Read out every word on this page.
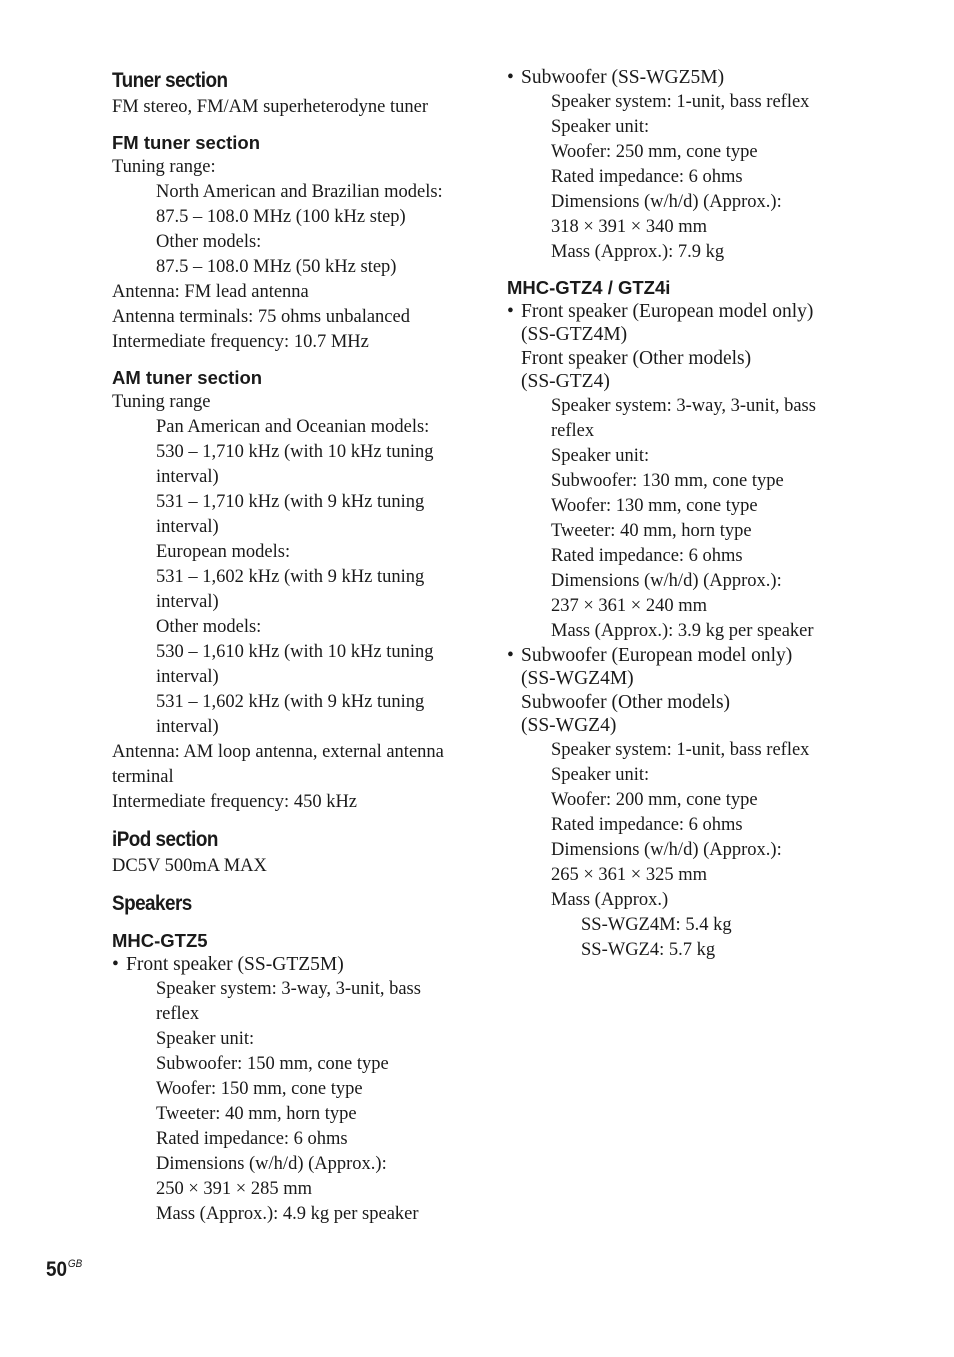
Tuner section
FM stereo, FM/AM superheterodyne tuner
FM tuner section
Tuning range:
North American and Brazilian models:
87.5 – 108.0 MHz (100 kHz step)
Other models:
87.5 – 108.0 MHz (50 kHz step)
Antenna: FM lead antenna
Antenna terminals: 75 ohms unbalanced
Intermediate frequency: 10.7 MHz
AM tuner section
Tuning range
Pan American and Oceanian models:
530 – 1,710 kHz (with 10 kHz tuning
interval)
531 – 1,710 kHz (with 9 kHz tuning
interval)
European models:
531 – 1,602 kHz (with 9 kHz tuning
interval)
Other models:
530 – 1,610 kHz (with 10 kHz tuning
interval)
531 – 1,602 kHz (with 9 kHz tuning
interval)
Antenna: AM loop antenna, external antenna
terminal
Intermediate frequency: 450 kHz
iPod section
DC5V 500mA MAX
Speakers
MHC-GTZ5
• Front speaker (SS-GTZ5M)
Speaker system: 3-way, 3-unit, bass
reflex
Speaker unit:
Subwoofer: 150 mm, cone type
Woofer: 150 mm, cone type
Tweeter: 40 mm, horn type
Rated impedance: 6 ohms
Dimensions (w/h/d) (Approx.):
250 × 391 × 285 mm
Mass (Approx.): 4.9 kg per speaker
• Subwoofer (SS-WGZ5M)
Speaker system: 1-unit, bass reflex
Speaker unit:
Woofer: 250 mm, cone type
Rated impedance: 6 ohms
Dimensions (w/h/d) (Approx.):
318 × 391 × 340 mm
Mass (Approx.): 7.9 kg
MHC-GTZ4 / GTZ4i
• Front speaker (European model only)
(SS-GTZ4M)
Front speaker (Other models)
(SS-GTZ4)
Speaker system: 3-way, 3-unit, bass
reflex
Speaker unit:
Subwoofer: 130 mm, cone type
Woofer: 130 mm, cone type
Tweeter: 40 mm, horn type
Rated impedance: 6 ohms
Dimensions (w/h/d) (Approx.):
237 × 361 × 240 mm
Mass (Approx.): 3.9 kg per speaker
• Subwoofer (European model only)
(SS-WGZ4M)
Subwoofer (Other models)
(SS-WGZ4)
Speaker system: 1-unit, bass reflex
Speaker unit:
Woofer: 200 mm, cone type
Rated impedance: 6 ohms
Dimensions (w/h/d) (Approx.):
265 × 361 × 325 mm
Mass (Approx.)
SS-WGZ4M: 5.4 kg
SS-WGZ4: 5.7 kg
$50^{GB}$
